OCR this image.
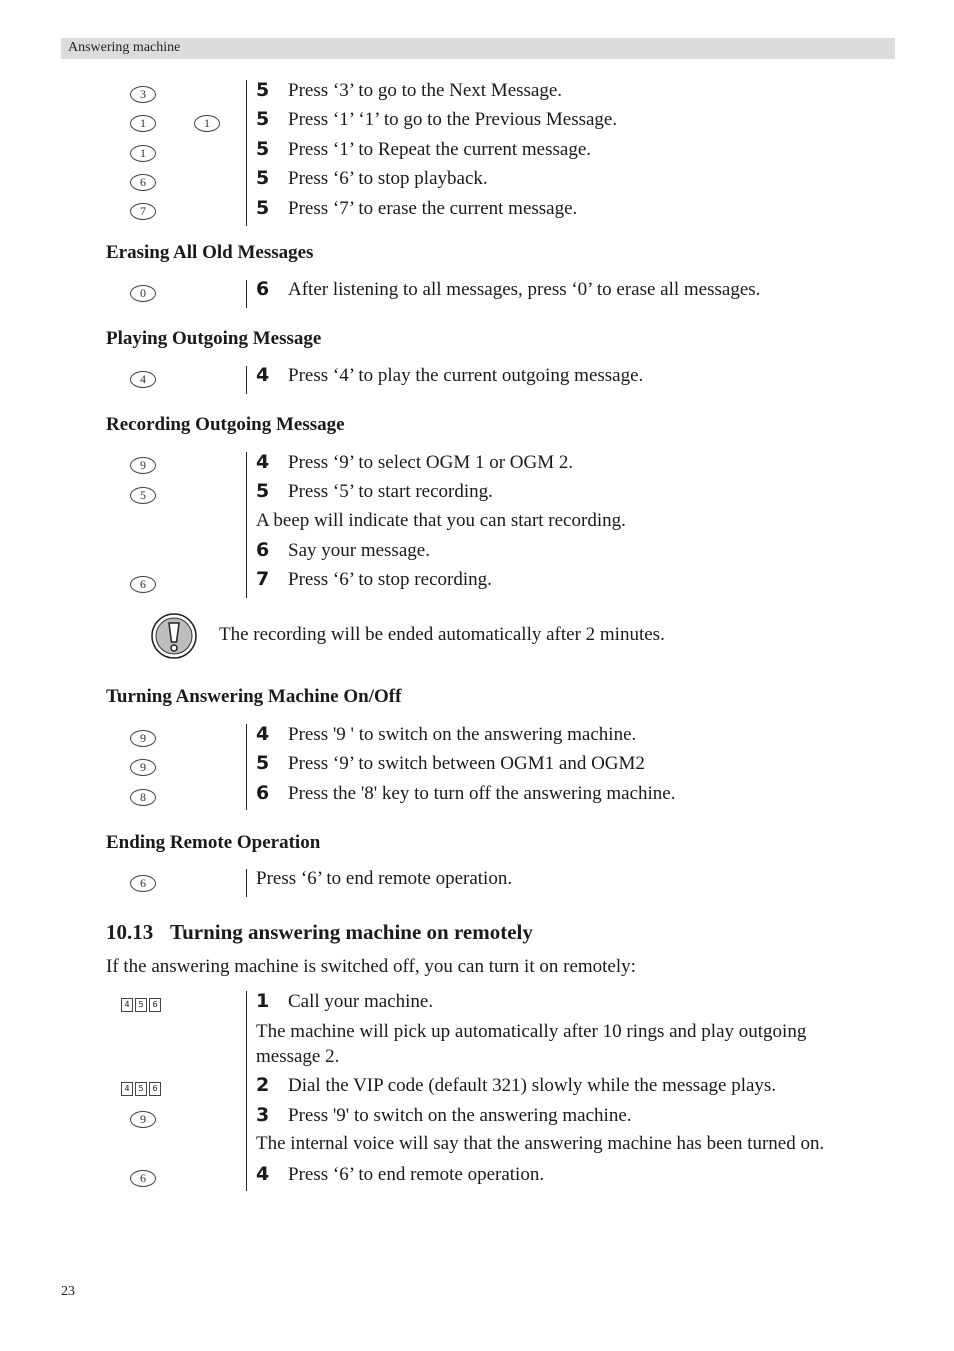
Answering machine
3	5 Press ‘3’ to go to the Next Message.
1	1	5 Press ‘1’ ‘1’ to go to the Previous Message.
1	5 Press ‘1’ to Repeat the current message.
6	5 Press ‘6’ to stop playback.
7	5 Press ‘7’ to erase the current message.
Erasing All Old Messages
0	6 After listening to all messages, press ‘0’ to erase all messages.
Playing Outgoing Message
4	4 Press ‘4’ to play the current outgoing message.
Recording Outgoing Message
9	4 Press ‘9’ to select OGM 1 or OGM 2.
5	5 Press ‘5’ to start recording.
A beep will indicate that you can start recording.
6 Say your message.
6	7 Press ‘6’ to stop recording.
The recording will be ended automatically after 2 minutes.
Turning Answering Machine On/Off
9	4 Press '9 ' to switch on the answering machine.
9	5 Press ‘9’ to switch between OGM1 and OGM2
8	6 Press the '8' key to turn off the answering machine.
Ending Remote Operation
6	Press ‘6’ to end remote operation.
10.13 Turning answering machine on remotely
If the answering machine is switched off, you can turn it on remotely:
4	5	6	1 Call your machine.
The machine will pick up automatically after 10 rings and play outgoing message 2.
4	5	6	2 Dial the VIP code (default 321) slowly while the message plays.
9	3 Press '9' to switch on the answering machine.
The internal voice will say that the answering machine has been turned on.
6	4 Press ‘6’ to end remote operation.
23
